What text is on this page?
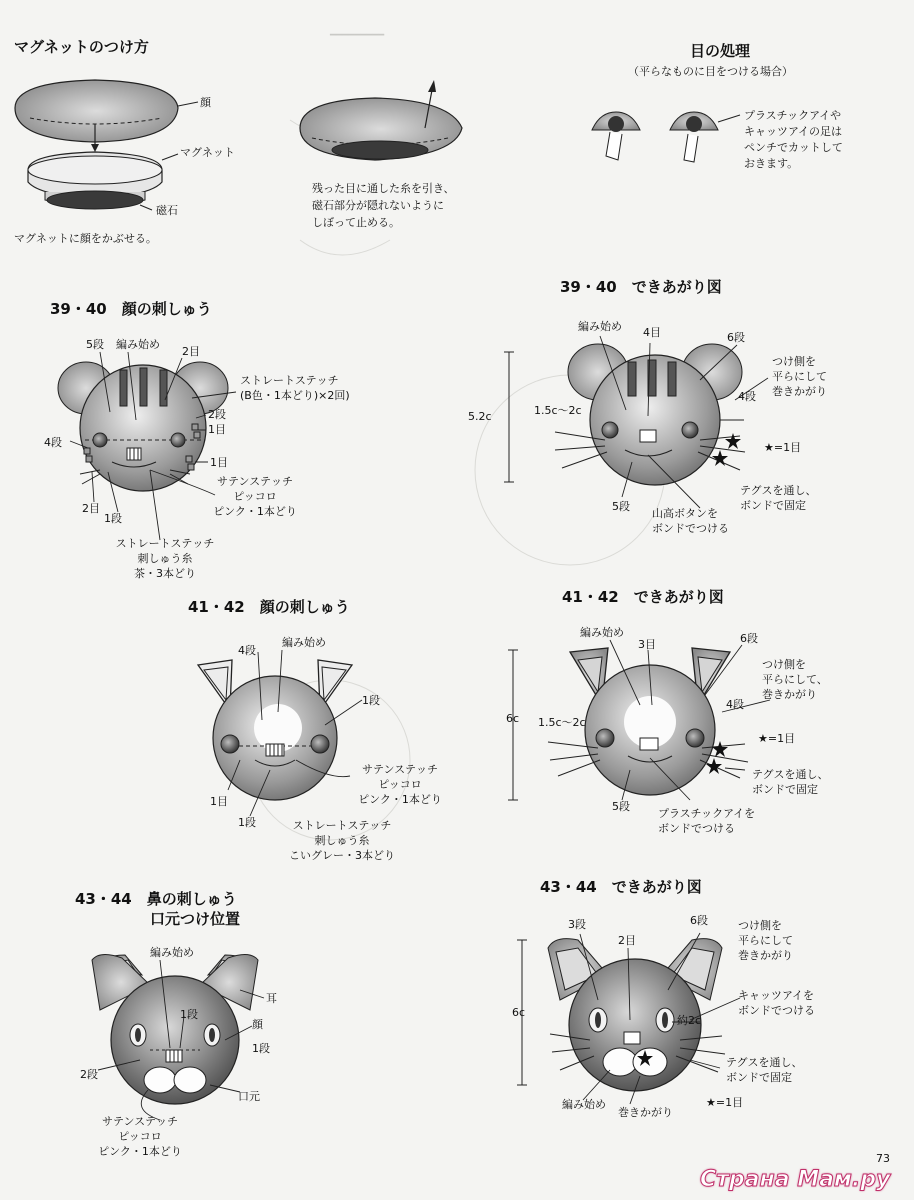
━━━━━━━━━
マグネットのつけ方
顔
マグネット
磁石
マグネットに顔をかぶせる。
残った目に通した糸を引き、
磁石部分が隠れないように
しぼって止める。
目の処理
（平らなものに目をつける場合）
プラスチックアイや
キャッツアイの足は
ペンチでカットして
おきます。
39・40　顔の刺しゅう
5段 編み始め
2目
ストレートステッチ
(B色・1本どり)×2回)
2段
1目
4段
1目
サテンステッチ
ピッコロ
ピンク・1本どり
2目
1段
ストレートステッチ
刺しゅう糸
茶・3本どり
41・42　顔の刺しゅう
編み始め
4段
1段
サテンステッチ
ピッコロ
ピンク・1本どり
1目
1段	ストレートステッチ
刺しゅう糸
こいグレー・3本どり
43・44　鼻の刺しゅう
口元つけ位置
編み始め
耳
1段
顔
1段
2段
口元
サテンステッチ
ピッコロ
ピンク・1本どり
39・40　できあがり図
編み始め 4目	6段
つけ側を
平らにして
巻きかがり
4段
5.2c	1.5c〜2c
★=1目
テグスを通し、
ボンドで固定
5段
山高ボタンを
ボンドでつける
41・42　できあがり図
編み始め
3目	6段
つけ側を
平らにして、
巻きかがり
4段
6c 1.5c〜2c
★=1目
テグスを通し、
ボンドで固定
5段
プラスチックアイを
ボンドでつける
43・44　できあがり図
3段
2目
6段	つけ側を
平らにして
巻きかがり
キャッツアイを
ボンドでつける
6c
約2c
テグスを通し、
ボンドで固定
編み始め
巻きかがり
★=1目
73
Страна Мам.ру
